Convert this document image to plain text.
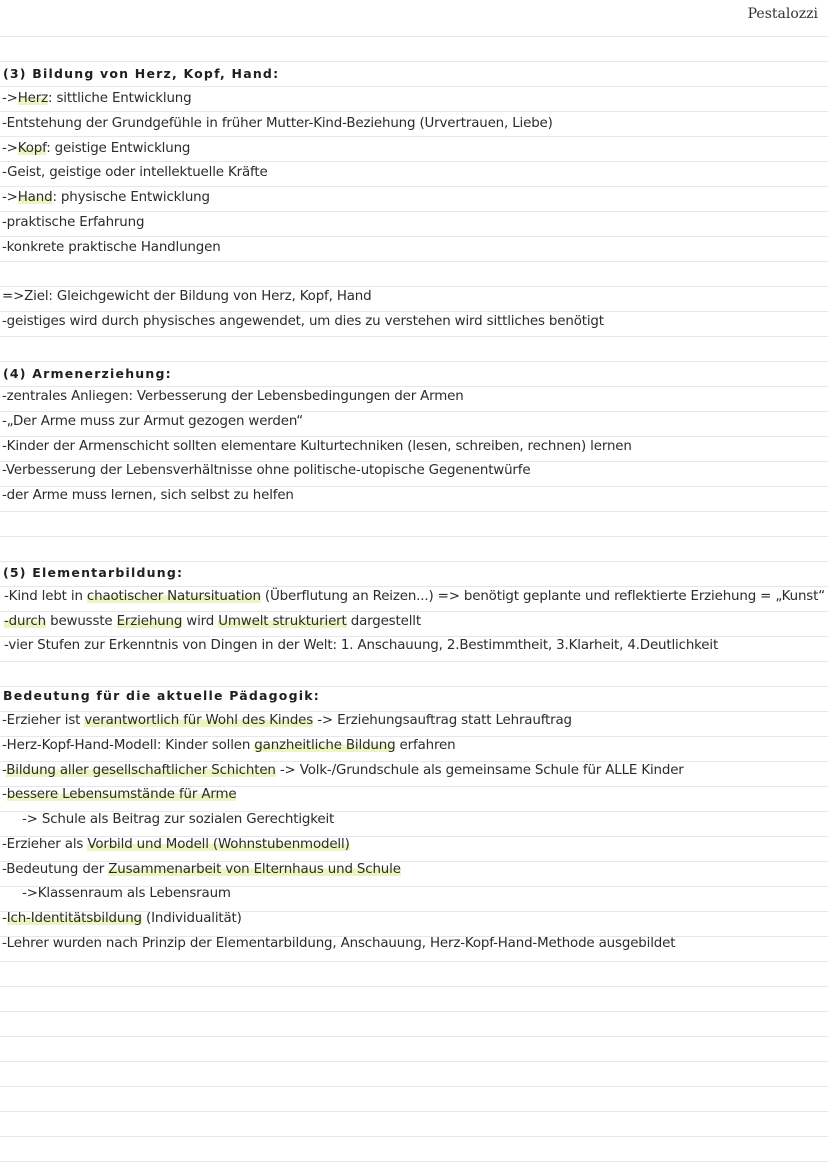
Pestalozzi
(3) Bildung von Herz, Kopf, Hand:
->Herz: sittliche Entwicklung
-Entstehung der Grundgefühle in früher Mutter-Kind-Beziehung (Urvertrauen, Liebe)
->Kopf: geistige Entwicklung
-Geist, geistige oder intellektuelle Kräfte
->Hand: physische Entwicklung
-praktische Erfahrung
-konkrete praktische Handlungen
=>Ziel: Gleichgewicht der Bildung von Herz, Kopf, Hand
-geistiges wird durch physisches angewendet, um dies zu verstehen wird sittliches benötigt
(4) Armenerziehung:
-zentrales Anliegen: Verbesserung der Lebensbedingungen der Armen
-„Der Arme muss zur Armut gezogen werden“
-Kinder der Armenschicht sollten elementare Kulturtechniken (lesen, schreiben, rechnen) lernen
-Verbesserung der Lebensverhältnisse ohne politische-utopische Gegenentwürfe
-der Arme muss lernen, sich selbst zu helfen
(5) Elementarbildung:
-Kind lebt in chaotischer Natursituation (Überflutung an Reizen...) => benötigt geplante und reflektierte Erziehung = „Kunst“
-durch bewusste Erziehung wird Umwelt strukturiert dargestellt
-vier Stufen zur Erkenntnis von Dingen in der Welt: 1. Anschauung, 2.Bestimmtheit, 3.Klarheit, 4.Deutlichkeit
Bedeutung für die aktuelle Pädagogik:
-Erzieher ist verantwortlich für Wohl des Kindes -> Erziehungsauftrag statt Lehrauftrag
-Herz-Kopf-Hand-Modell: Kinder sollen ganzheitliche Bildung erfahren
-Bildung aller gesellschaftlicher Schichten -> Volk-/Grundschule als gemeinsame Schule für ALLE Kinder
-bessere Lebensumstände für Arme
-> Schule als Beitrag zur sozialen Gerechtigkeit
-Erzieher als Vorbild und Modell (Wohnstubenmodell)
-Bedeutung der Zusammenarbeit von Elternhaus und Schule
->Klassenraum als Lebensraum
-Ich-Identitätsbildung (Individualität)
-Lehrer wurden nach Prinzip der Elementarbildung, Anschauung, Herz-Kopf-Hand-Methode ausgebildet
